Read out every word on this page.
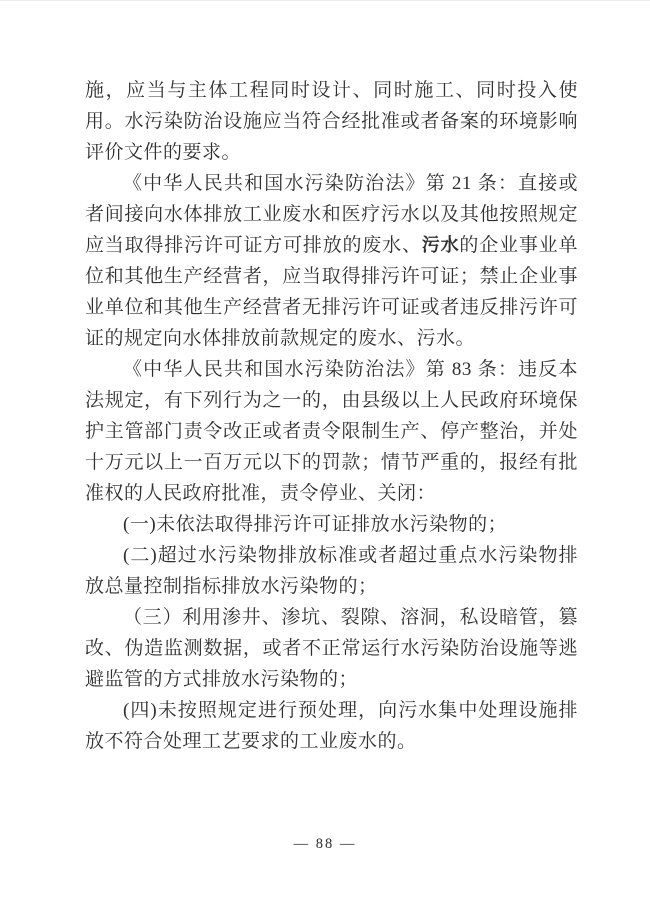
施，应当与主体工程同时设计、同时施工、同时投入使用。水污染防治设施应当符合经批准或者备案的环境影响评价文件的要求。

《中华人民共和国水污染防治法》第 21 条：直接或者间接向水体排放工业废水和医疗污水以及其他按照规定应当取得排污许可证方可排放的废水、污水的企业事业单位和其他生产经营者，应当取得排污许可证；禁止企业事业单位和其他生产经营者无排污许可证或者违反排污许可证的规定向水体排放前款规定的废水、污水。

《中华人民共和国水污染防治法》第 83 条：违反本法规定，有下列行为之一的，由县级以上人民政府环境保护主管部门责令改正或者责令限制生产、停产整治，并处十万元以上一百万元以下的罚款；情节严重的，报经有批准权的人民政府批准，责令停业、关闭：

(一)未依法取得排污许可证排放水污染物的；

(二)超过水污染物排放标准或者超过重点水污染物排放总量控制指标排放水污染物的；

（三）利用渗井、渗坑、裂隙、溶洞，私设暗管，篡改、伪造监测数据，或者不正常运行水污染防治设施等逃避监管的方式排放水污染物的；

(四)未按照规定进行预处理，向污水集中处理设施排放不符合处理工艺要求的工业废水的。

— 88 —
